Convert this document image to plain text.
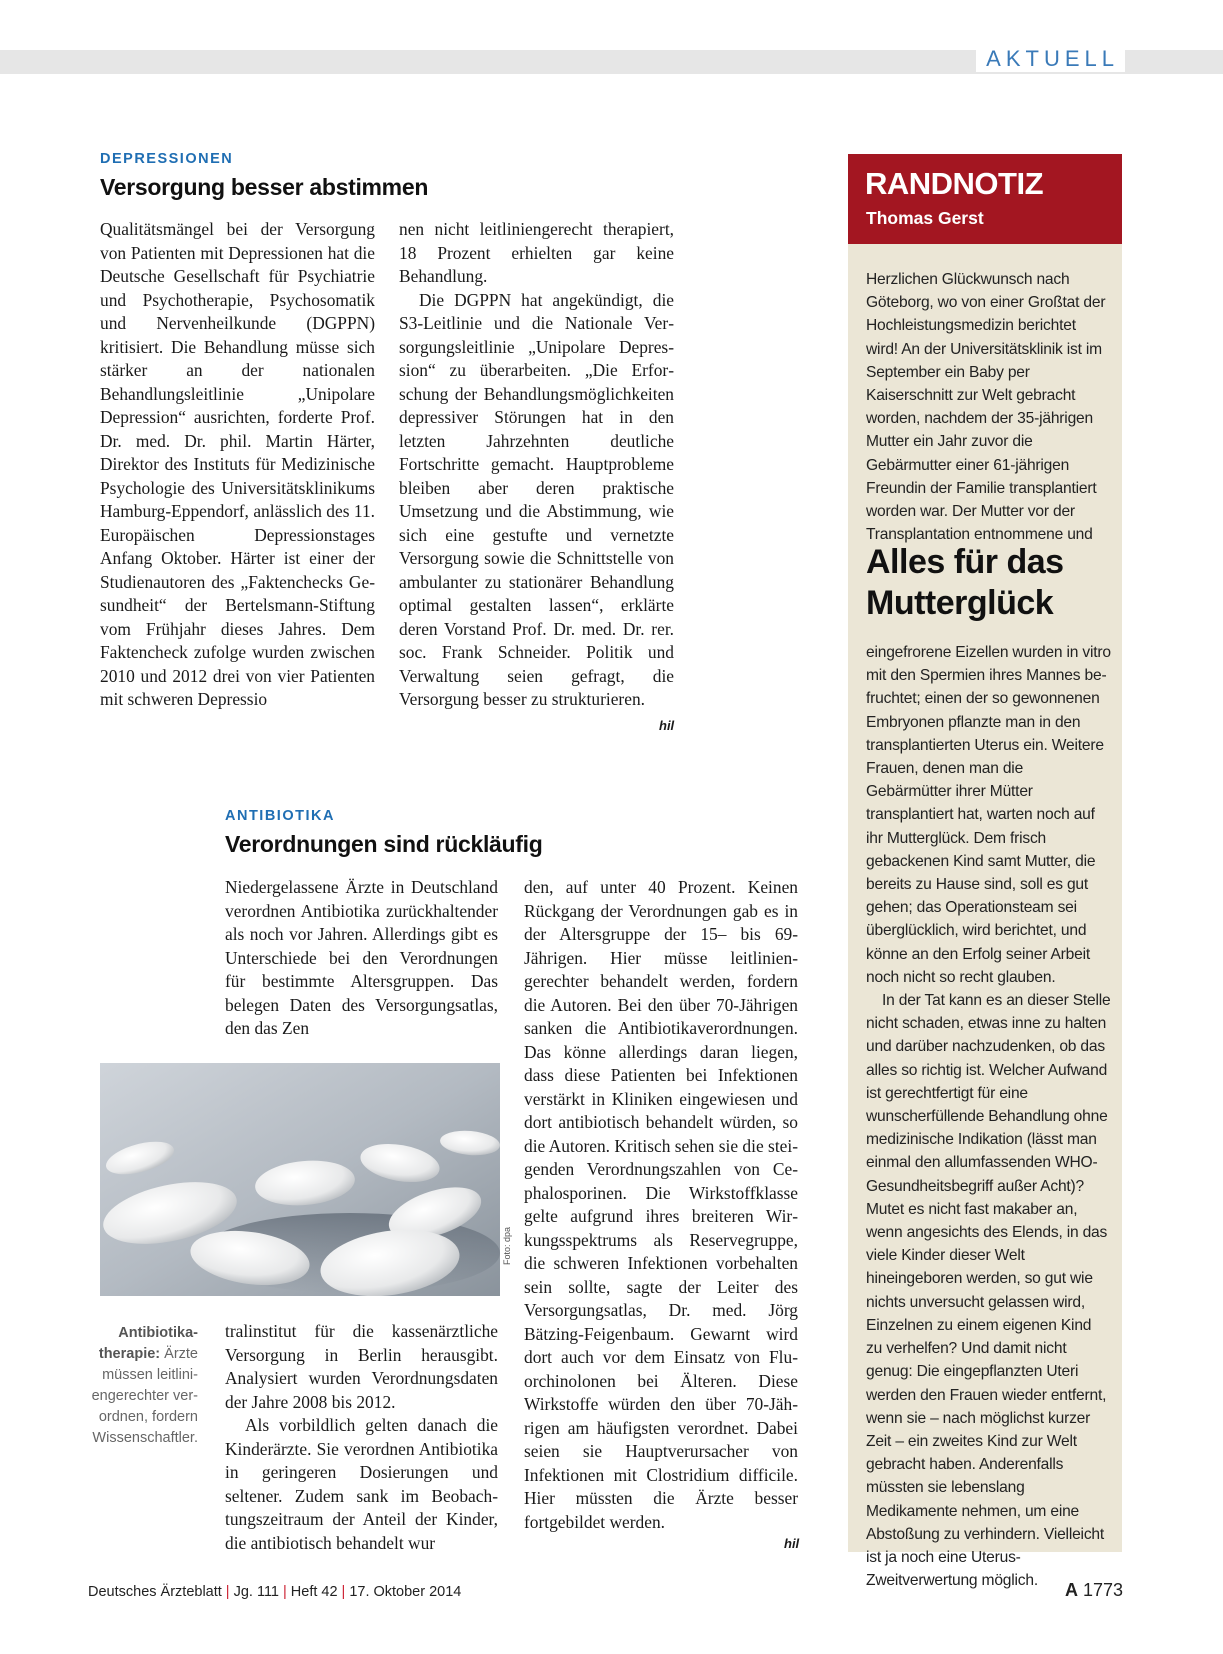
AKTUELL
DEPRESSIONEN
Versorgung besser abstimmen

Qualitätsmängel bei der Versorgung von Patienten mit Depressionen hat die Deutsche Gesellschaft für Psychiatrie und Psychotherapie, Psychosomatik und Nervenheilkunde (DGPPN) kritisiert. Die Behandlung müsse sich stärker an der nationalen Behandlungsleitlinie „Unipolare Depression“ ausrichten, forderte Prof. Dr. med. Dr. phil. Martin Härter, Direktor des Instituts für Medizinische Psychologie des Universitätsklinikums Hamburg-Eppendorf, anlässlich des 11. Europäischen Depressionstages Anfang Oktober. Härter ist einer der Studienautoren des „Faktenchecks Gesundheit“ der Bertelsmann-Stiftung vom Frühjahr dieses Jahres. Dem Faktencheck zufolge wurden zwischen 2010 und 2012 drei von vier Patienten mit schweren Depressio

nen nicht leitliniengerecht therapiert, 18 Prozent erhielten gar keine Behandlung.

Die DGPPN hat angekündigt, die S3-Leitlinie und die Nationale Versorgungsleitlinie „Unipolare Depression“ zu überarbeiten. „Die Erforschung der Behandlungsmöglichkeiten depressiver Störungen hat in den letzten Jahrzehnten deutliche Fortschritte gemacht. Hauptprobleme bleiben aber deren praktische Umsetzung und die Abstimmung, wie sich eine gestufte und vernetzte Versorgung sowie die Schnittstelle von ambulanter zu stationärer Behandlung optimal gestalten lassen“, erklärte deren Vorstand Prof. Dr. med. Dr. rer. soc. Frank Schneider. Politik und Verwaltung seien gefragt, die Versorgung besser zu strukturieren.

hil
ANTIBIOTIKA
Verordnungen sind rückläufig

Niedergelassene Ärzte in Deutschland verordnen Antibiotika zurückhaltender als noch vor Jahren. Allerdings gibt es Unterschiede bei den Verordnungen für bestimmte Altersgruppen. Das belegen Daten des Versorgungsatlas, den das Zen

Foto: dpa
Antibiotikatherapie: Ärzte müssen leitliniengerechter verordnen, fordern Wissenschaftler.

tralinstitut für die kassenärztliche Versorgung in Berlin herausgibt. Analysiert wurden Verordnungsdaten der Jahre 2008 bis 2012.

Als vorbildlich gelten danach die Kinderärzte. Sie verordnen Antibiotika in geringeren Dosierungen und seltener. Zudem sank im Beobachtungszeitraum der Anteil der Kinder, die antibiotisch behandelt wur

den, auf unter 40 Prozent. Keinen Rückgang der Verordnungen gab es in der Altersgruppe der 15– bis 69-Jährigen. Hier müsse leitliniengerechter behandelt werden, fordern die Autoren. Bei den über 70-Jährigen sanken die Antibiotikaverordnungen. Das könne allerdings daran liegen, dass diese Patienten bei Infektionen verstärkt in Kliniken eingewiesen und dort antibiotisch behandelt würden, so die Autoren. Kritisch sehen sie die steigenden Verordnungszahlen von Cephalosporinen. Die Wirkstoffklasse gelte aufgrund ihres breiteren Wirkungsspektrums als Reservegruppe, die schweren Infektionen vorbehalten sein sollte, sagte der Leiter des Versorgungsatlas, Dr. med. Jörg Bätzing-Feigenbaum. Gewarnt wird dort auch vor dem Einsatz von Fluorchinolonen bei Älteren. Diese Wirkstoffe würden den über 70-Jährigen am häufigsten verordnet. Dabei seien sie Hauptverursacher von Infektionen mit Clostridium difficile. Hier müssten die Ärzte besser fortgebildet werden.

hil
RANDNOTIZ
Thomas Gerst

Herzlichen Glückwunsch nach Göteborg, wo von einer Großtat der Hochleistungsmedizin berichtet wird! An der Universitätsklinik ist im September ein Baby per Kaiserschnitt zur Welt gebracht worden, nachdem der 35-jährigen Mutter ein Jahr zuvor die Gebärmutter einer 61-jährigen Freundin der Familie transplantiert worden war. Der Mutter vor der Transplantation entnommene und

Alles für das Mutterglück

eingefrorene Eizellen wurden in vitro mit den Spermien ihres Mannes befruchtet; einen der so gewonnenen Embryonen pflanzte man in den transplantierten Uterus ein. Weitere Frauen, denen man die Gebärmütter ihrer Mütter transplantiert hat, warten noch auf ihr Mutterglück. Dem frisch gebackenen Kind samt Mutter, die bereits zu Hause sind, soll es gut gehen; das Operationsteam sei überglücklich, wird berichtet, und könne an den Erfolg seiner Arbeit noch nicht so recht glauben.

In der Tat kann es an dieser Stelle nicht schaden, etwas inne zu halten und darüber nachzudenken, ob das alles so richtig ist. Welcher Aufwand ist gerechtfertigt für eine wunscherfüllende Behandlung ohne medizinische Indikation (lässt man einmal den allumfassenden WHO-Gesundheitsbegriff außer Acht)? Mutet es nicht fast makaber an, wenn angesichts des Elends, in das viele Kinder dieser Welt hineingeboren werden, so gut wie nichts unversucht gelassen wird, Einzelnen zu einem eigenen Kind zu verhelfen? Und damit nicht genug: Die eingepflanzten Uteri werden den Frauen wieder entfernt, wenn sie – nach möglichst kurzer Zeit – ein zweites Kind zur Welt gebracht haben. Anderenfalls müssten sie lebenslang Medikamente nehmen, um eine Abstoßung zu verhindern. Vielleicht ist ja noch eine Uterus-Zweitverwertung möglich.

Deutsches Ärzteblatt | Jg. 111 | Heft 42 | 17. Oktober 2014	A 1773
